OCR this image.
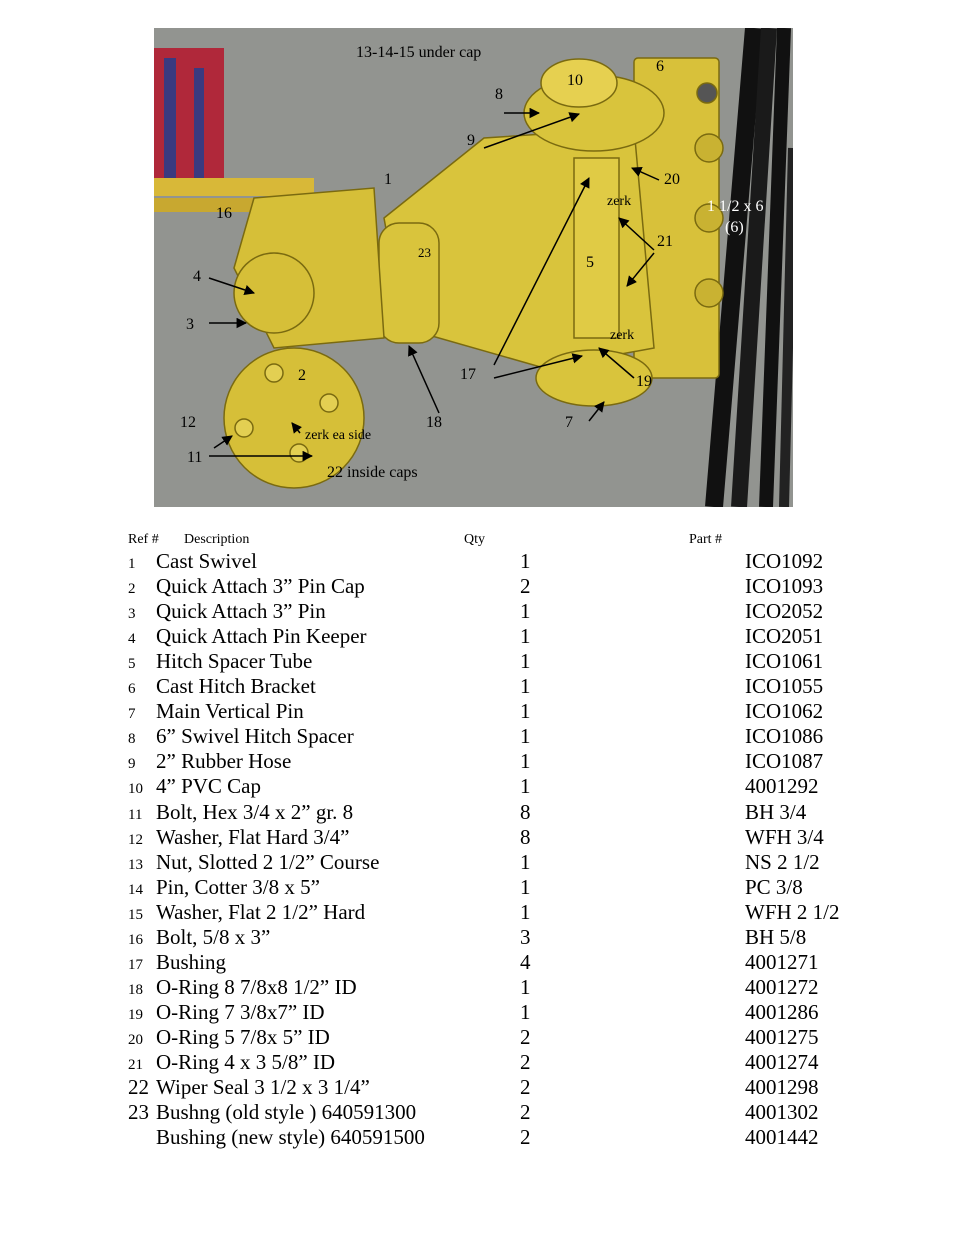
13-14-15 under cap
10
6
8
9
1	20
zerk	1 1/2 x 6
(6)
16
23
21
5
4
3
zerk
2	17	19
12	18	7
zerk ea side
11
22 inside caps
Ref # Description	Qty	Part #
1 Cast Swivel	1	ICO1092
2 Quick Attach 3” Pin Cap	2	ICO1093
3 Quick Attach 3” Pin	1	ICO2052
4 Quick Attach Pin Keeper	1	ICO2051
5 Hitch Spacer Tube	1	ICO1061
6 Cast Hitch Bracket	1	ICO1055
7 Main Vertical Pin	1	ICO1062
8 6” Swivel Hitch Spacer	1	ICO1086
9 2” Rubber Hose	1	ICO1087
10 4” PVC Cap	1	4001292
11 Bolt, Hex 3/4 x 2” gr. 8	8	BH 3/4
12 Washer, Flat Hard 3/4”	8	WFH 3/4
13 Nut, Slotted 2 1/2” Course	1	NS 2 1/2
14 Pin, Cotter 3/8 x 5”	1	PC 3/8
15 Washer, Flat 2 1/2” Hard	1	WFH 2 1/2
16 Bolt, 5/8 x 3”	3	BH 5/8
17 Bushing	4	4001271
18 O-Ring 8 7/8x8 1/2” ID	1	4001272
19 O-Ring 7 3/8x7” ID	1	4001286
20 O-Ring 5 7/8x 5” ID	2	4001275
21 O-Ring 4 x 3 5/8” ID	2	4001274
22 Wiper Seal 3 1/2 x 3 1/4”	2	4001298
23 Bushng (old style ) 640591300	2	4001302
Bushing (new style) 640591500	2	4001442
